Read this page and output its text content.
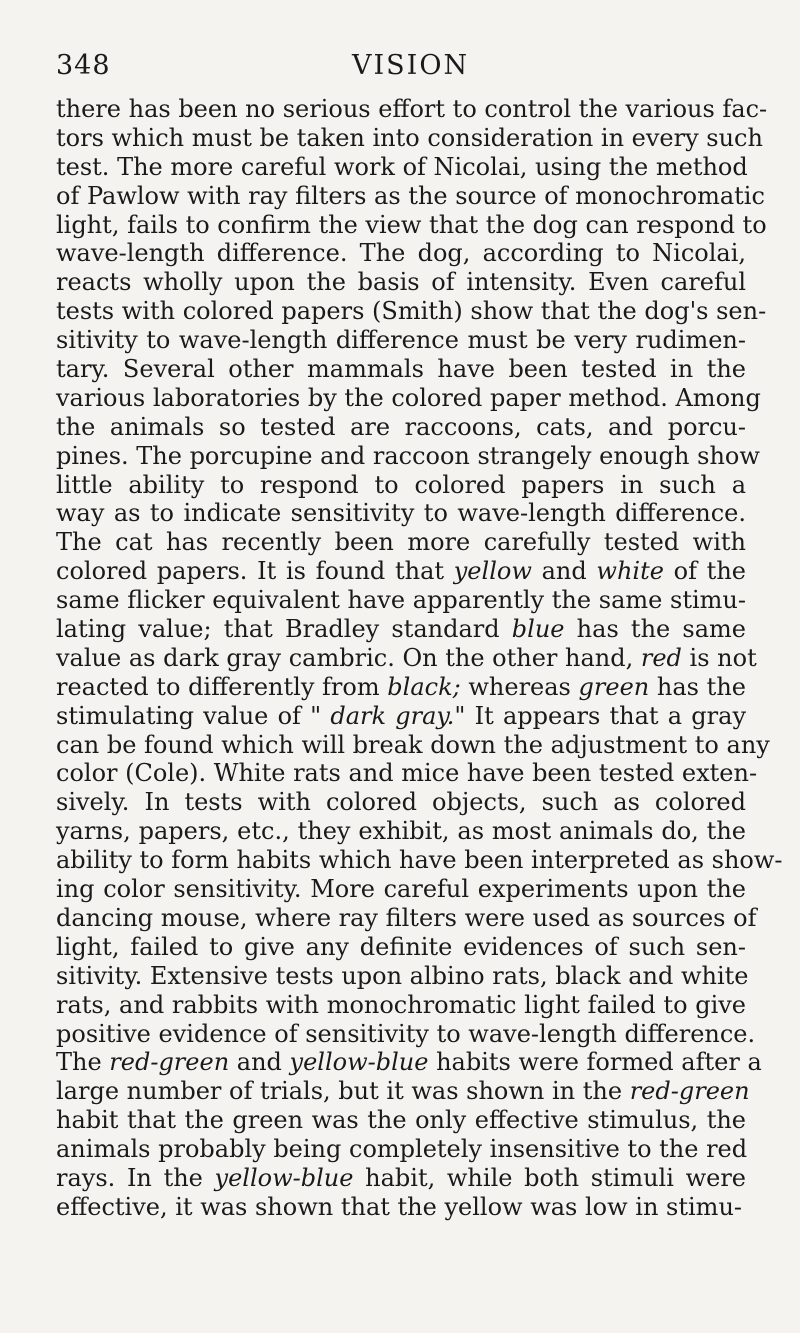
348	VISION
there has been no serious effort to control the various fac-
tors which must be taken into consideration in every such
test. The more careful work of Nicolai, using the method
of Pawlow with ray filters as the source of monochromatic
light, fails to confirm the view that the dog can respond to
wave-length difference. The dog, according to Nicolai,
reacts wholly upon the basis of intensity. Even careful
tests with colored papers (Smith) show that the dog's sen-
sitivity to wave-length difference must be very rudimen-
tary. Several other mammals have been tested in the
various laboratories by the colored paper method. Among
the animals so tested are raccoons, cats, and porcu-
pines. The porcupine and raccoon strangely enough show
little ability to respond to colored papers in such a
way as to indicate sensitivity to wave-length difference.
The cat has recently been more carefully tested with
colored papers. It is found that yellow and white of the
same flicker equivalent have apparently the same stimu-
lating value; that Bradley standard blue has the same
value as dark gray cambric. On the other hand, red is not
reacted to differently from black; whereas green has the
stimulating value of " dark gray." It appears that a gray
can be found which will break down the adjustment to any
color (Cole). White rats and mice have been tested exten-
sively. In tests with colored objects, such as colored
yarns, papers, etc., they exhibit, as most animals do, the
ability to form habits which have been interpreted as show-
ing color sensitivity. More careful experiments upon the
dancing mouse, where ray filters were used as sources of
light, failed to give any definite evidences of such sen-
sitivity. Extensive tests upon albino rats, black and white
rats, and rabbits with monochromatic light failed to give
positive evidence of sensitivity to wave-length difference.
The red-green and yellow-blue habits were formed after a
large number of trials, but it was shown in the red-green
habit that the green was the only effective stimulus, the
animals probably being completely insensitive to the red
rays. In the yellow-blue habit, while both stimuli were
effective, it was shown that the yellow was low in stimu-
